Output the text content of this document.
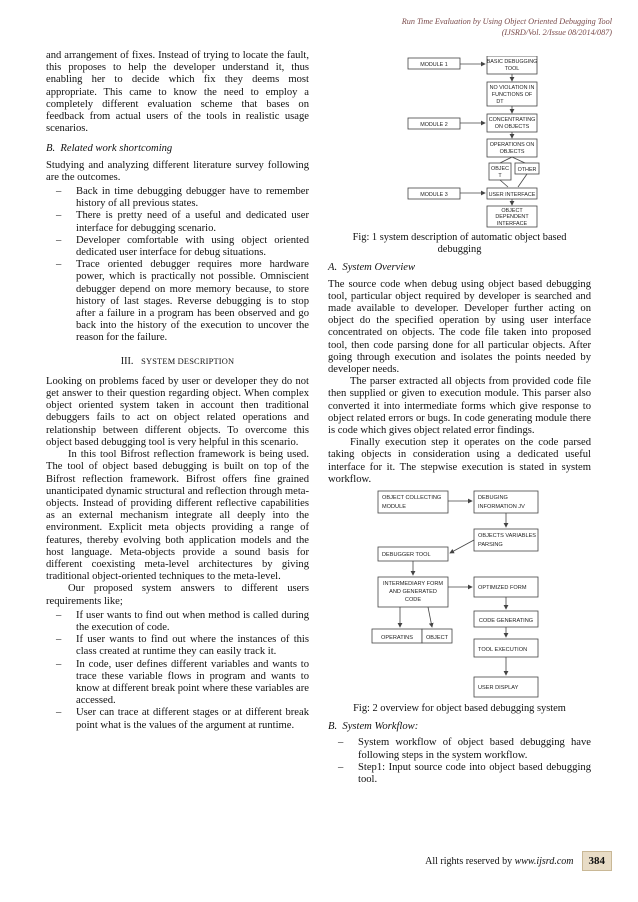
Run Time Evaluation by Using Object Oriented Debugging Tool
(IJSRD/Vol. 2/Issue 08/2014/087)

and arrangement of fixes. Instead of trying to locate the fault, this proposes to help the developer understand it, thus enabling her to decide which fix they deems most appropriate. This came to know the need to employ a completely different evaluation scheme that bases on feedback from actual users of the tools in realistic usage scenarios.

B. Related work shortcoming

Studying and analyzing different literature survey following are the outcomes.

– Back in time debugging debugger have to remember history of all previous states.
– There is pretty need of a useful and dedicated user interface for debugging scenario.
– Developer comfortable with using object oriented dedicated user interface for debug situations.
– Trace oriented debugger requires more hardware power, which is practically not possible. Omniscient debugger depend on more memory because, to store history of last stages. Reverse debugging is to stop after a failure in a program has been observed and go back into the history of the execution to uncover the reason for the failure.
III. SYSTEM DESCRIPTION

Looking on problems faced by user or developer they do not get answer to their question regarding object. When complex object oriented system taken in account then traditional debuggers fails to act on object related operations and relationship between different objects. To overcome this object based debugging tool is very helpful in this scenario.

In this tool Bifrost reflection framework is being used. The tool of object based debugging is built on top of the Bifrost reflection framework. Bifrost offers fine grained unanticipated dynamic structural and reflection through meta-objects. Instead of providing different reflective capabilities as an external mechanism integrate all deeply into the environment. Explicit meta objects providing a range of features, thereby evolving both application models and the host language. Meta-objects provide a sound basis for different coexisting meta-level architectures by giving traditional object-oriented techniques to the meta-level.

Our proposed system answers to different users requirements like;

– If user wants to find out when method is called during the execution of code.
– If user wants to find out where the instances of this class created at runtime they can easily track it.
– In code, user defines different variables and wants to trace these variable flows in program and wants to know at different break point where these variables are accessed.
– User can trace at different stages or at different break point what is the values of the argument at runtime.
MODULE 1	BASIC DEBUGGING
TOOL
NO VIOLATION IN
FUNCTIONS OF
DT
MODULE 2
CONCENTRATING
ON OBJECTS
OPERATIONS ON
OBJECTS
OBJEC
T
OTHER
MODULE 3	USER INTERFACE
OBJECT
DEPENDENT
INTERFACE
Fig: 1 system description of automatic object based debugging
A. System Overview

The source code when debug using object based debugging tool, particular object required by developer is searched and made available to developer. Developer further acting on object do the specified operation by using user interface concentrated on objects. The code file taken into proposed tool, then code parsing done for all particular objects. After going through execution and isolates the points needed by developer needs.

The parser extracted all objects from provided code file then supplied or given to execution module. This parser also converted it into intermediate forms which give response to object related errors or bugs. In code generating module there is code which gives object related error findings.

Finally execution step it operates on the code parsed taking objects in consideration using a dedicated useful interface for it. The stepwise execution is stated in system workflow.

OBJECT COLLECTING
MODULE
DEBUGING
INFORMATION JV
OBJECTS VARIABLES
PARSING
DEBUGGER TOOL
INTERMEDIARY FORM
AND GENERATED
CODE
OPTIMIZED FORM
CODE GENERATING
OPERATINS OBJECT
TOOL EXECUTION
USER DISPLAY
Fig: 2 overview for object based debugging system
B. System Workflow:
– System workflow of object based debugging have following steps in the system workflow.
– Step1: Input source code into object based debugging tool.
All rights reserved by
www.ijsrd.com	384
